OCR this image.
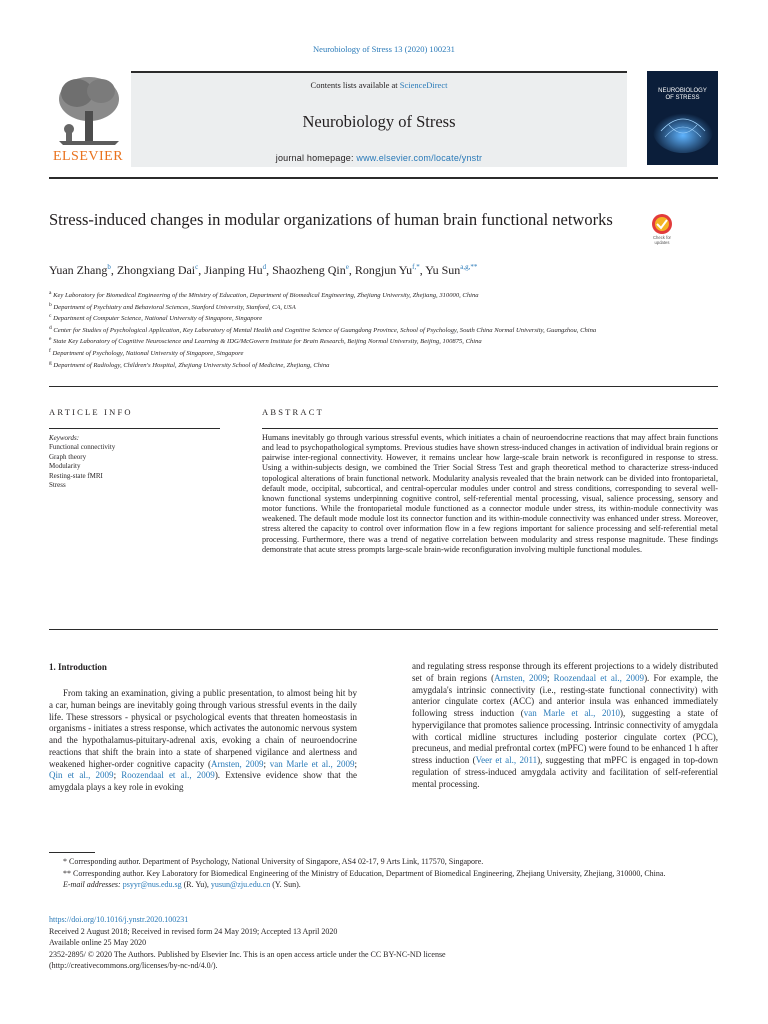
Neurobiology of Stress 13 (2020) 100231
ELSEVIER
Contents lists available at ScienceDirect
Neurobiology of Stress
journal homepage: www.elsevier.com/locate/ynstr
NEUROBIOLOGY
OF STRESS
Stress-induced changes in modular organizations of human brain functional networks
Check for
updates
Yuan Zhang$^b$, Zhongxiang Dai$^c$, Jianping Hu$^d$, Shaozheng Qin$^e$, Rongjun $Yu^{f,*}$, Yu Sun$^{a,g,**}$
$^a$ Key Laboratory for Biomedical Engineering of the Ministry of Education, Department of Biomedical Engineering, Zhejiang University, Zhejiang, 310000, China
$^b$ Department of Psychiatry and Behavioral Sciences, Stanford University, Stanford, CA, USA
$^c$ Department of Computer Science, National University of Singapore, Singapore
$^d$ Center for Studies of Psychological Application, Key Laboratory of Mental Health and Cognitive Science of Guangdong Province, School of Psychology, South China Normal University, Guangzhou, China
$^e$ State Key Laboratory of Cognitive Neuroscience and Learning & IDG/McGovern Institute for Brain Research, Beijing Normal University, Beijing, 100875, China
$^f$ Department of Psychology, National University of Singapore, Singapore
$^g$ Department of Radiology, Children's Hospital, Zhejiang University School of Medicine, Zhejiang, China
ARTICLE INFO
Keywords:
Functional connectivity
Graph theory
Modularity
Resting-state fMRI
Stress
ABSTRACT
Humans inevitably go through various stressful events, which initiates a chain of neuroendocrine reactions that may affect brain functions and lead to psychopathological symptoms. Previous studies have shown stress-induced changes in activation of individual brain regions or pairwise inter-regional connectivity. However, it remains unclear how large-scale brain network is reconfigured in response to stress. Using a within-subjects design, we combined the Trier Social Stress Test and graph theoretical method to characterize stress-induced topological alterations of brain functional network. Modularity analysis revealed that the brain network can be divided into frontoparietal, default mode, occipital, subcortical, and central-opercular modules under control and stress conditions, corresponding to several well-known functional systems underpinning cognitive control, self-referential mental processing, visual, salience processing, sensory and motor functions. While the frontoparietal module functioned as a connector module under stress, its within-module connectivity was weakened. The default mode module lost its connector function and its within-module connectivity was enhanced under stress. Moreover, stress altered the capacity to control over information flow in a few regions important for salience processing and self-referential metal processing. Furthermore, there was a trend of negative correlation between modularity and stress response magnitude. These findings demonstrate that acute stress prompts large-scale brain-wide reconfiguration involving multiple functional modules.
1. Introduction
From taking an examination, giving a public presentation, to almost being hit by a car, human beings are inevitably going through various stressful events in the daily life. These stressors - physical or psychological events that threaten homeostasis in organisms - initiates a stress response, which activates the autonomic nervous system and the hypothalamus-pituitary-adrenal axis, evoking a chain of neuroendocrine reactions that shift the brain into a state of sharpened vigilance and alertness and weakened higher-order cognitive capacity (Arnsten, 2009; van Marle et al., 2009; Qin et al., 2009; Roozendaal et al., 2009). Extensive evidence show that the amygdala plays a key role in evoking
and regulating stress response through its efferent projections to a widely distributed set of brain regions (Arnsten, 2009; Roozendaal et al., 2009). For example, the amygdala's intrinsic connectivity (i.e., resting-state functional connectivity) with anterior cingulate cortex (ACC) and anterior insula was enhanced immediately following stress induction (van Marle et al., 2010), suggesting a state of hypervigilance that promotes salience processing. Intrinsic connectivity of amygdala with cortical midline structures including posterior cingulate cortex (PCC), precuneus, and medial prefrontal cortex (mPFC) were found to be enhanced 1 h after stress induction (Veer et al., 2011), suggesting that mPFC is engaged in top-down regulation of stress-induced amygdala activity and facilitation of self-referential mental processing.
* Corresponding author. Department of Psychology, National University of Singapore, AS4 02-17, 9 Arts Link, 117570, Singapore.
** Corresponding author. Key Laboratory for Biomedical Engineering of the Ministry of Education, Department of Biomedical Engineering, Zhejiang University, Zhejiang, 310000, China.
E-mail addresses: psyyr@nus.edu.sg (R. Yu), yusun@zju.edu.cn (Y. Sun).
https://doi.org/10.1016/j.ynstr.2020.100231
Received 2 August 2018; Received in revised form 24 May 2019; Accepted 13 April 2020
Available online 25 May 2020
2352-2895/ © 2020 The Authors. Published by Elsevier Inc. This is an open access article under the CC BY-NC-ND license
(http://creativecommons.org/licenses/by-nc-nd/4.0/).
